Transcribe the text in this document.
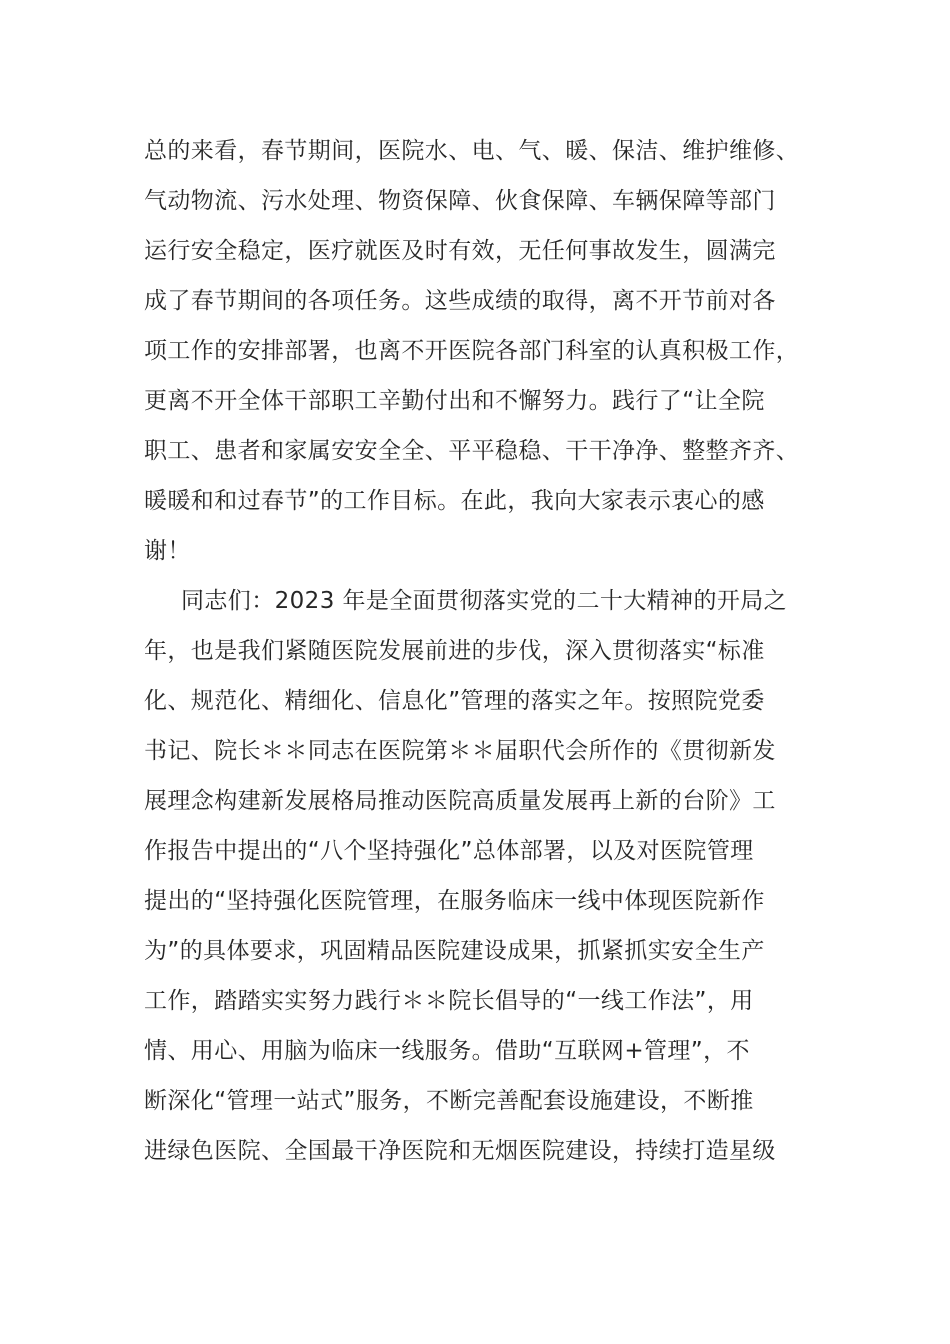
总的来看，春节期间，医院水、电、气、暖、保洁、维护维修、
气动物流、污水处理、物资保障、伙食保障、车辆保障等部门
运行安全稳定，医疗就医及时有效，无任何事故发生，圆满完
成了春节期间的各项任务。这些成绩的取得，离不开节前对各
项工作的安排部署，也离不开医院各部门科室的认真积极工作，
更离不开全体干部职工辛勤付出和不懈努力。践行了“让全院
职工、患者和家属安安全全、平平稳稳、干干净净、整整齐齐、
暖暖和和过春节”的工作目标。在此，我向大家表示衷心的感
谢！
同志们：2023 年是全面贯彻落实党的二十大精神的开局之
年，也是我们紧随医院发展前进的步伐，深入贯彻落实“标准
化、规范化、精细化、信息化”管理的落实之年。按照院党委
书记、院长＊＊同志在医院第＊＊届职代会所作的《贯彻新发
展理念构建新发展格局推动医院高质量发展再上新的台阶》工
作报告中提出的“八个坚持强化”总体部署，以及对医院管理
提出的“坚持强化医院管理，在服务临床一线中体现医院新作
为”的具体要求，巩固精品医院建设成果，抓紧抓实安全生产
工作，踏踏实实努力践行＊＊院长倡导的“一线工作法”，用
情、用心、用脑为临床一线服务。借助“互联网+管理”，不
断深化“管理一站式”服务，不断完善配套设施建设，不断推
进绿色医院、全国最干净医院和无烟医院建设，持续打造星级
